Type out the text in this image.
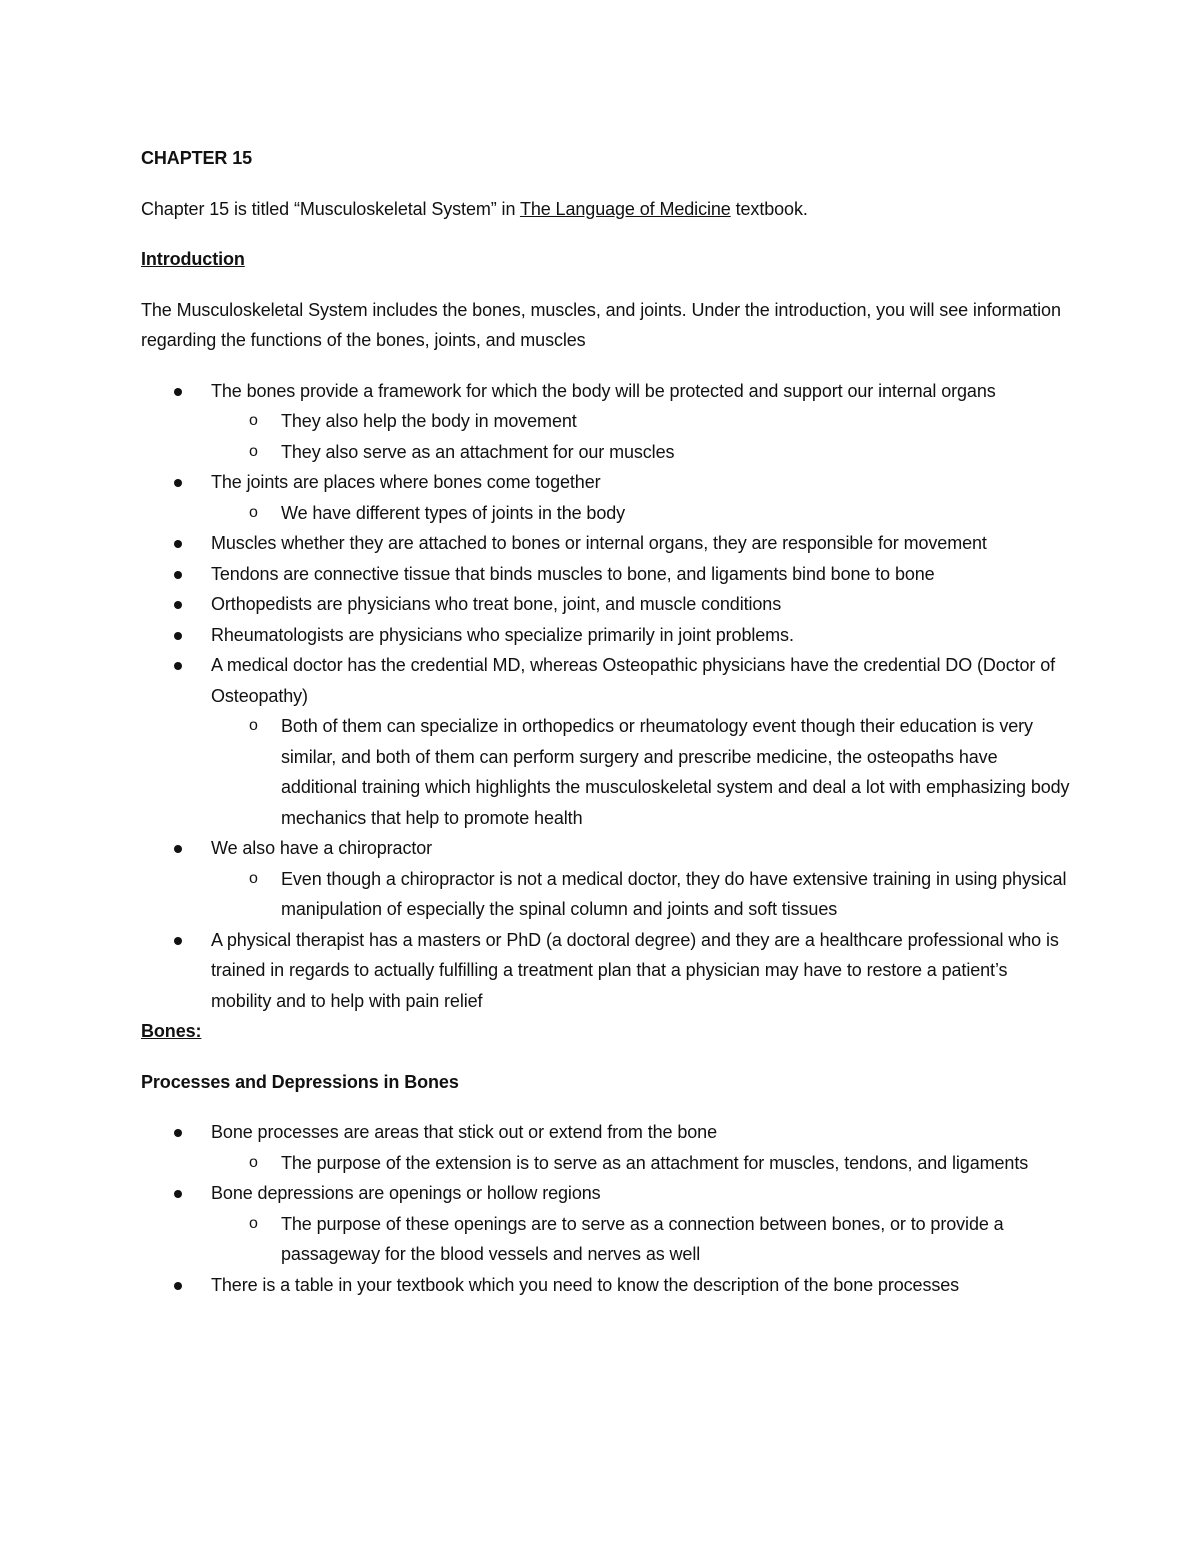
CHAPTER 15

Chapter 15 is titled “Musculoskeletal System” in The Language of Medicine textbook.

Introduction

The Musculoskeletal System includes the bones, muscles, and joints. Under the introduction, you will see information regarding the functions of the bones, joints, and muscles

The bones provide a framework for which the body will be protected and support our internal organs
o They also help the body in movement
o They also serve as an attachment for our muscles
The joints are places where bones come together
o We have different types of joints in the body
Muscles whether they are attached to bones or internal organs, they are responsible for movement
Tendons are connective tissue that binds muscles to bone, and ligaments bind bone to bone
Orthopedists are physicians who treat bone, joint, and muscle conditions
Rheumatologists are physicians who specialize primarily in joint problems.
A medical doctor has the credential MD, whereas Osteopathic physicians have the credential DO (Doctor of Osteopathy)
o Both of them can specialize in orthopedics or rheumatology event though their education is very similar, and both of them can perform surgery and prescribe medicine, the osteopaths have additional training which highlights the musculoskeletal system and deal a lot with emphasizing body mechanics that help to promote health
We also have a chiropractor
o Even though a chiropractor is not a medical doctor, they do have extensive training in using physical manipulation of especially the spinal column and joints and soft tissues
A physical therapist has a masters or PhD (a doctoral degree) and they are a healthcare professional who is trained in regards to actually fulfilling a treatment plan that a physician may have to restore a patient’s mobility and to help with pain relief

Bones:

Processes and Depressions in Bones

Bone processes are areas that stick out or extend from the bone
o The purpose of the extension is to serve as an attachment for muscles, tendons, and ligaments
Bone depressions are openings or hollow regions
o The purpose of these openings are to serve as a connection between bones, or to provide a passageway for the blood vessels and nerves as well
There is a table in your textbook which you need to know the description of the bone processes
